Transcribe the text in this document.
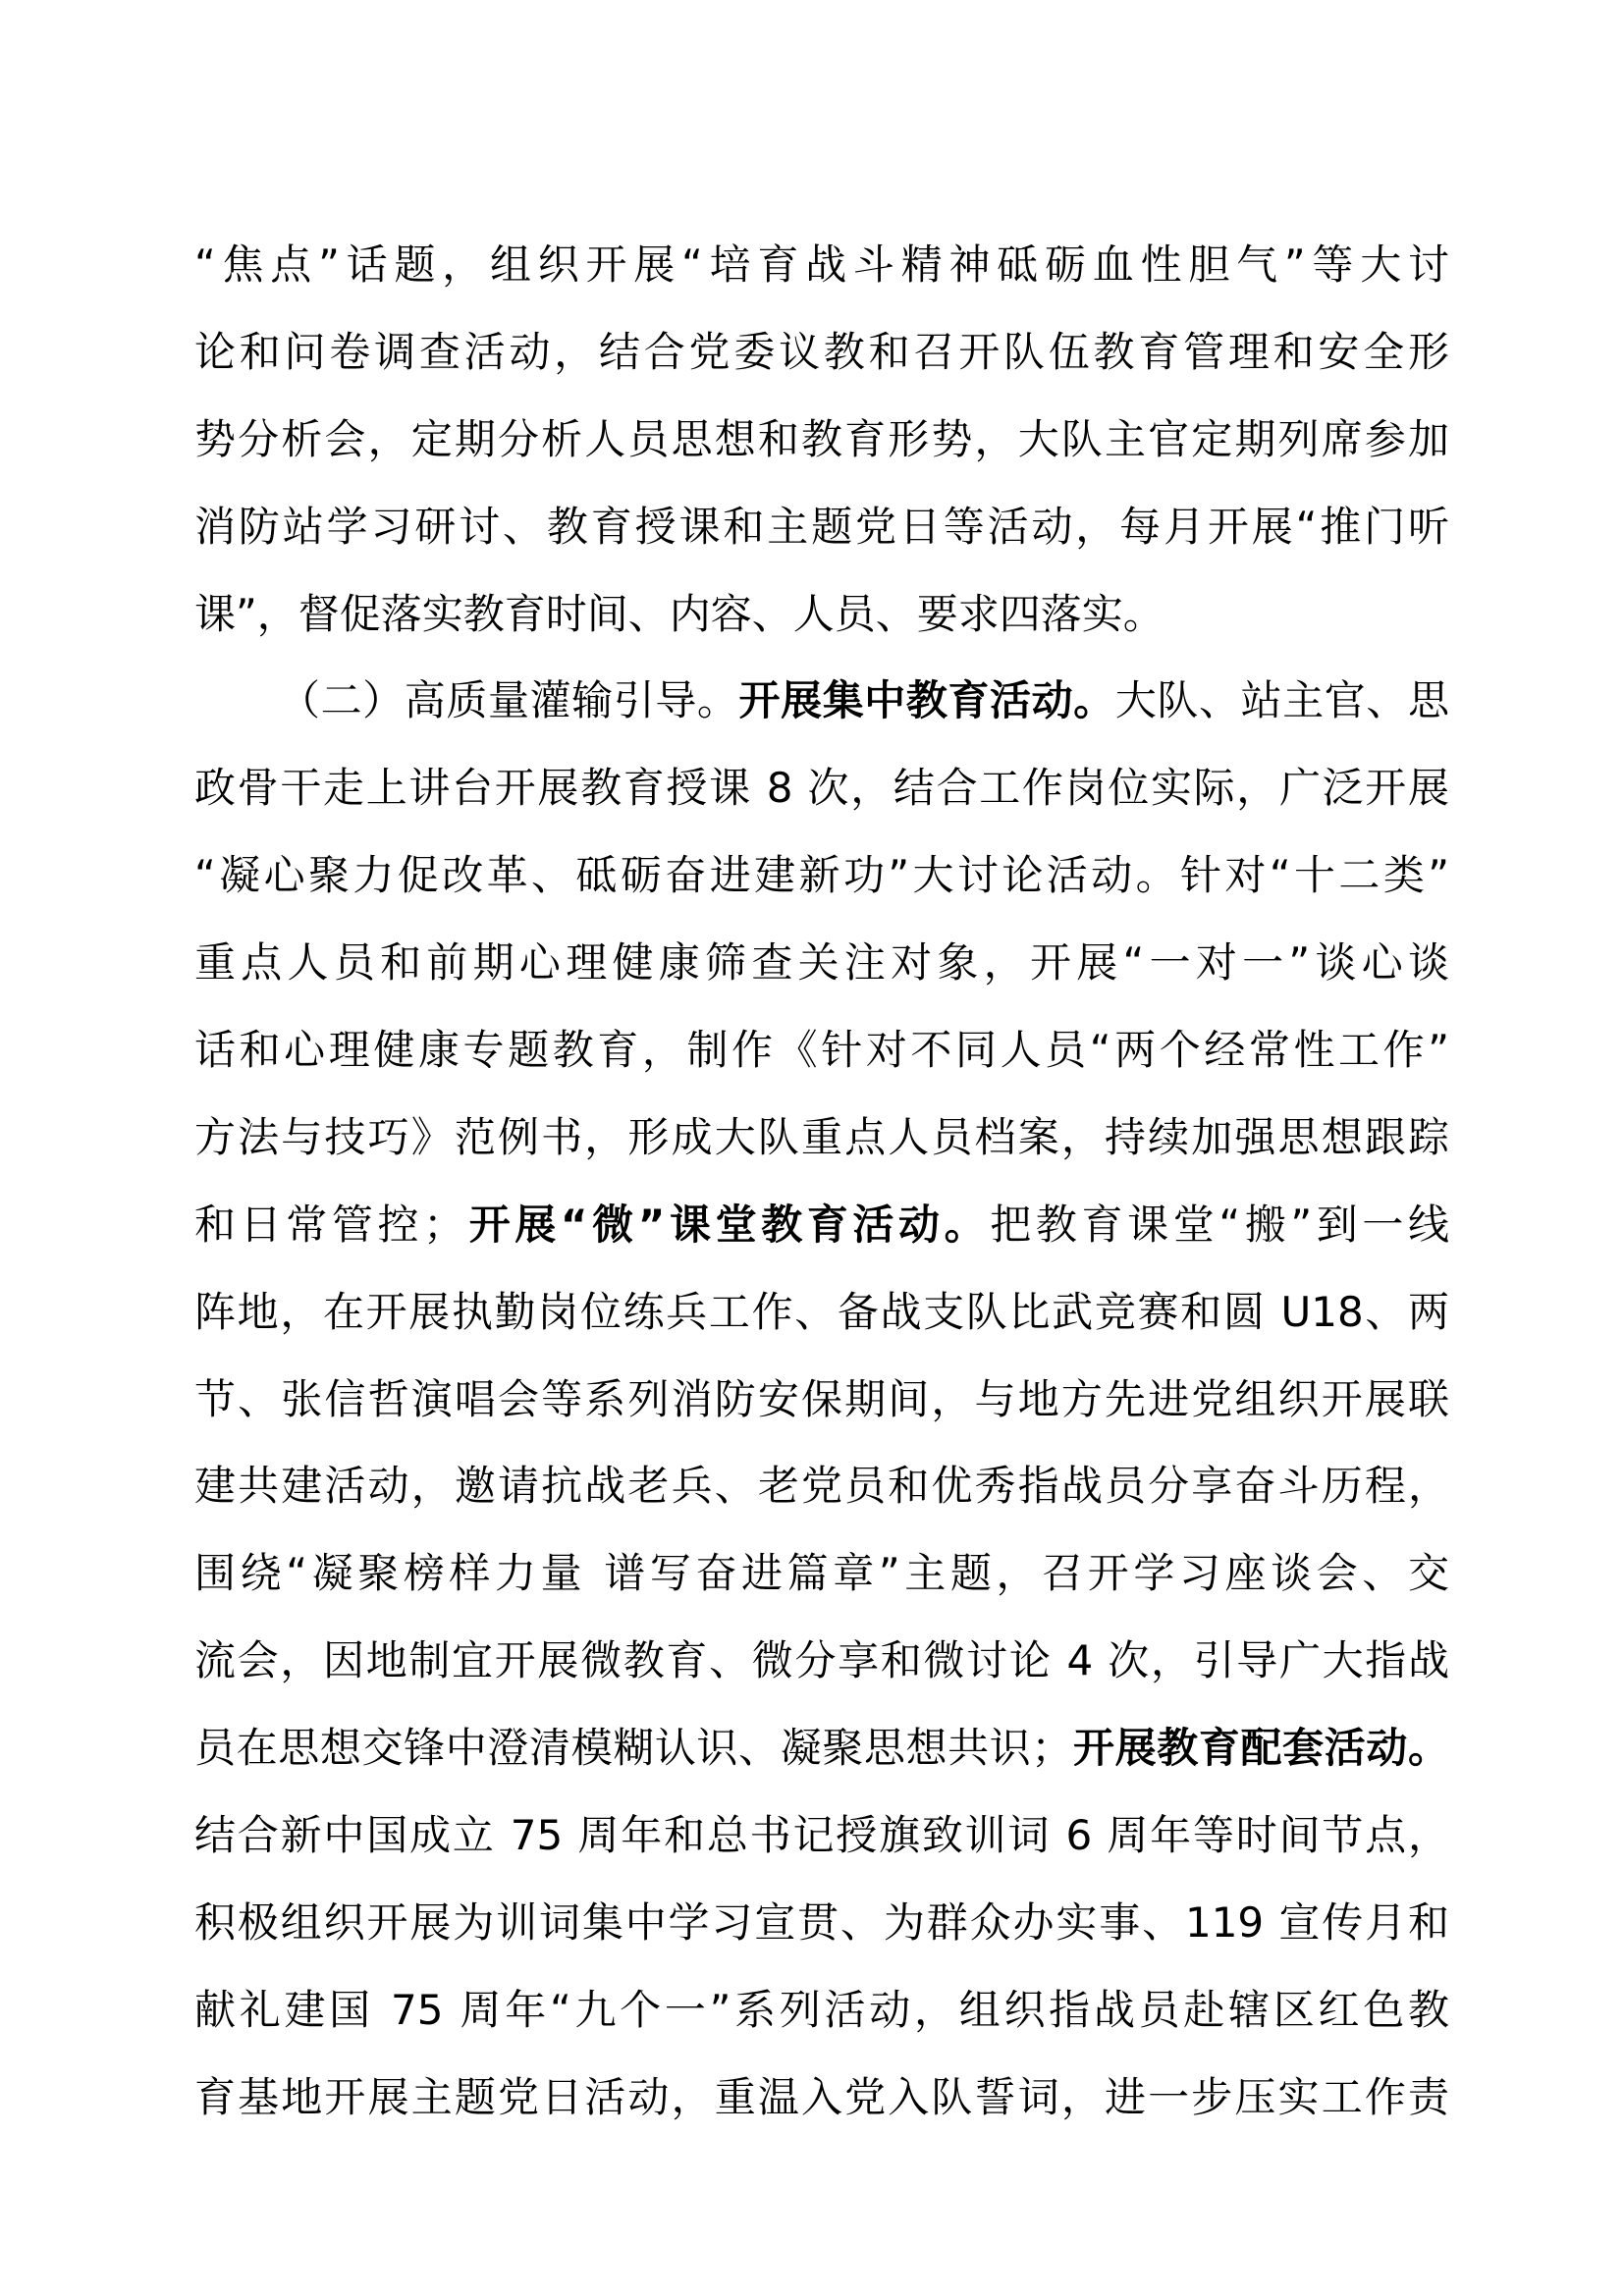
“焦点”话题，组织开展“培育战斗精神砥砺血性胆气”等大讨
论和问卷调查活动，结合党委议教和召开队伍教育管理和安全形
势分析会，定期分析人员思想和教育形势，大队主官定期列席参加
消防站学习研讨、教育授课和主题党日等活动，每月开展“推门听
课”，督促落实教育时间、内容、人员、要求四落实。
（二）高质量灌输引导。开展集中教育活动。大队、站主官、思
政骨干走上讲台开展教育授课 8 次，结合工作岗位实际，广泛开展
“凝心聚力促改革、砥砺奋进建新功”大讨论活动。针对“十二类”
重点人员和前期心理健康筛查关注对象，开展“一对一”谈心谈
话和心理健康专题教育，制作《针对不同人员“两个经常性工作”
方法与技巧》范例书，形成大队重点人员档案，持续加强思想跟踪
和日常管控；开展“微”课堂教育活动。把教育课堂“搬”到一线
阵地，在开展执勤岗位练兵工作、备战支队比武竞赛和圆 U18、两
节、张信哲演唱会等系列消防安保期间，与地方先进党组织开展联
建共建活动，邀请抗战老兵、老党员和优秀指战员分享奋斗历程，
围绕“凝聚榜样力量 谱写奋进篇章”主题，召开学习座谈会、交
流会，因地制宜开展微教育、微分享和微讨论 4 次，引导广大指战
员在思想交锋中澄清模糊认识、凝聚思想共识；开展教育配套活动。
结合新中国成立 75 周年和总书记授旗致训词 6 周年等时间节点，
积极组织开展为训词集中学习宣贯、为群众办实事、119 宣传月和
献礼建国 75 周年“九个一”系列活动，组织指战员赴辖区红色教
育基地开展主题党日活动，重温入党入队誓词，进一步压实工作责
